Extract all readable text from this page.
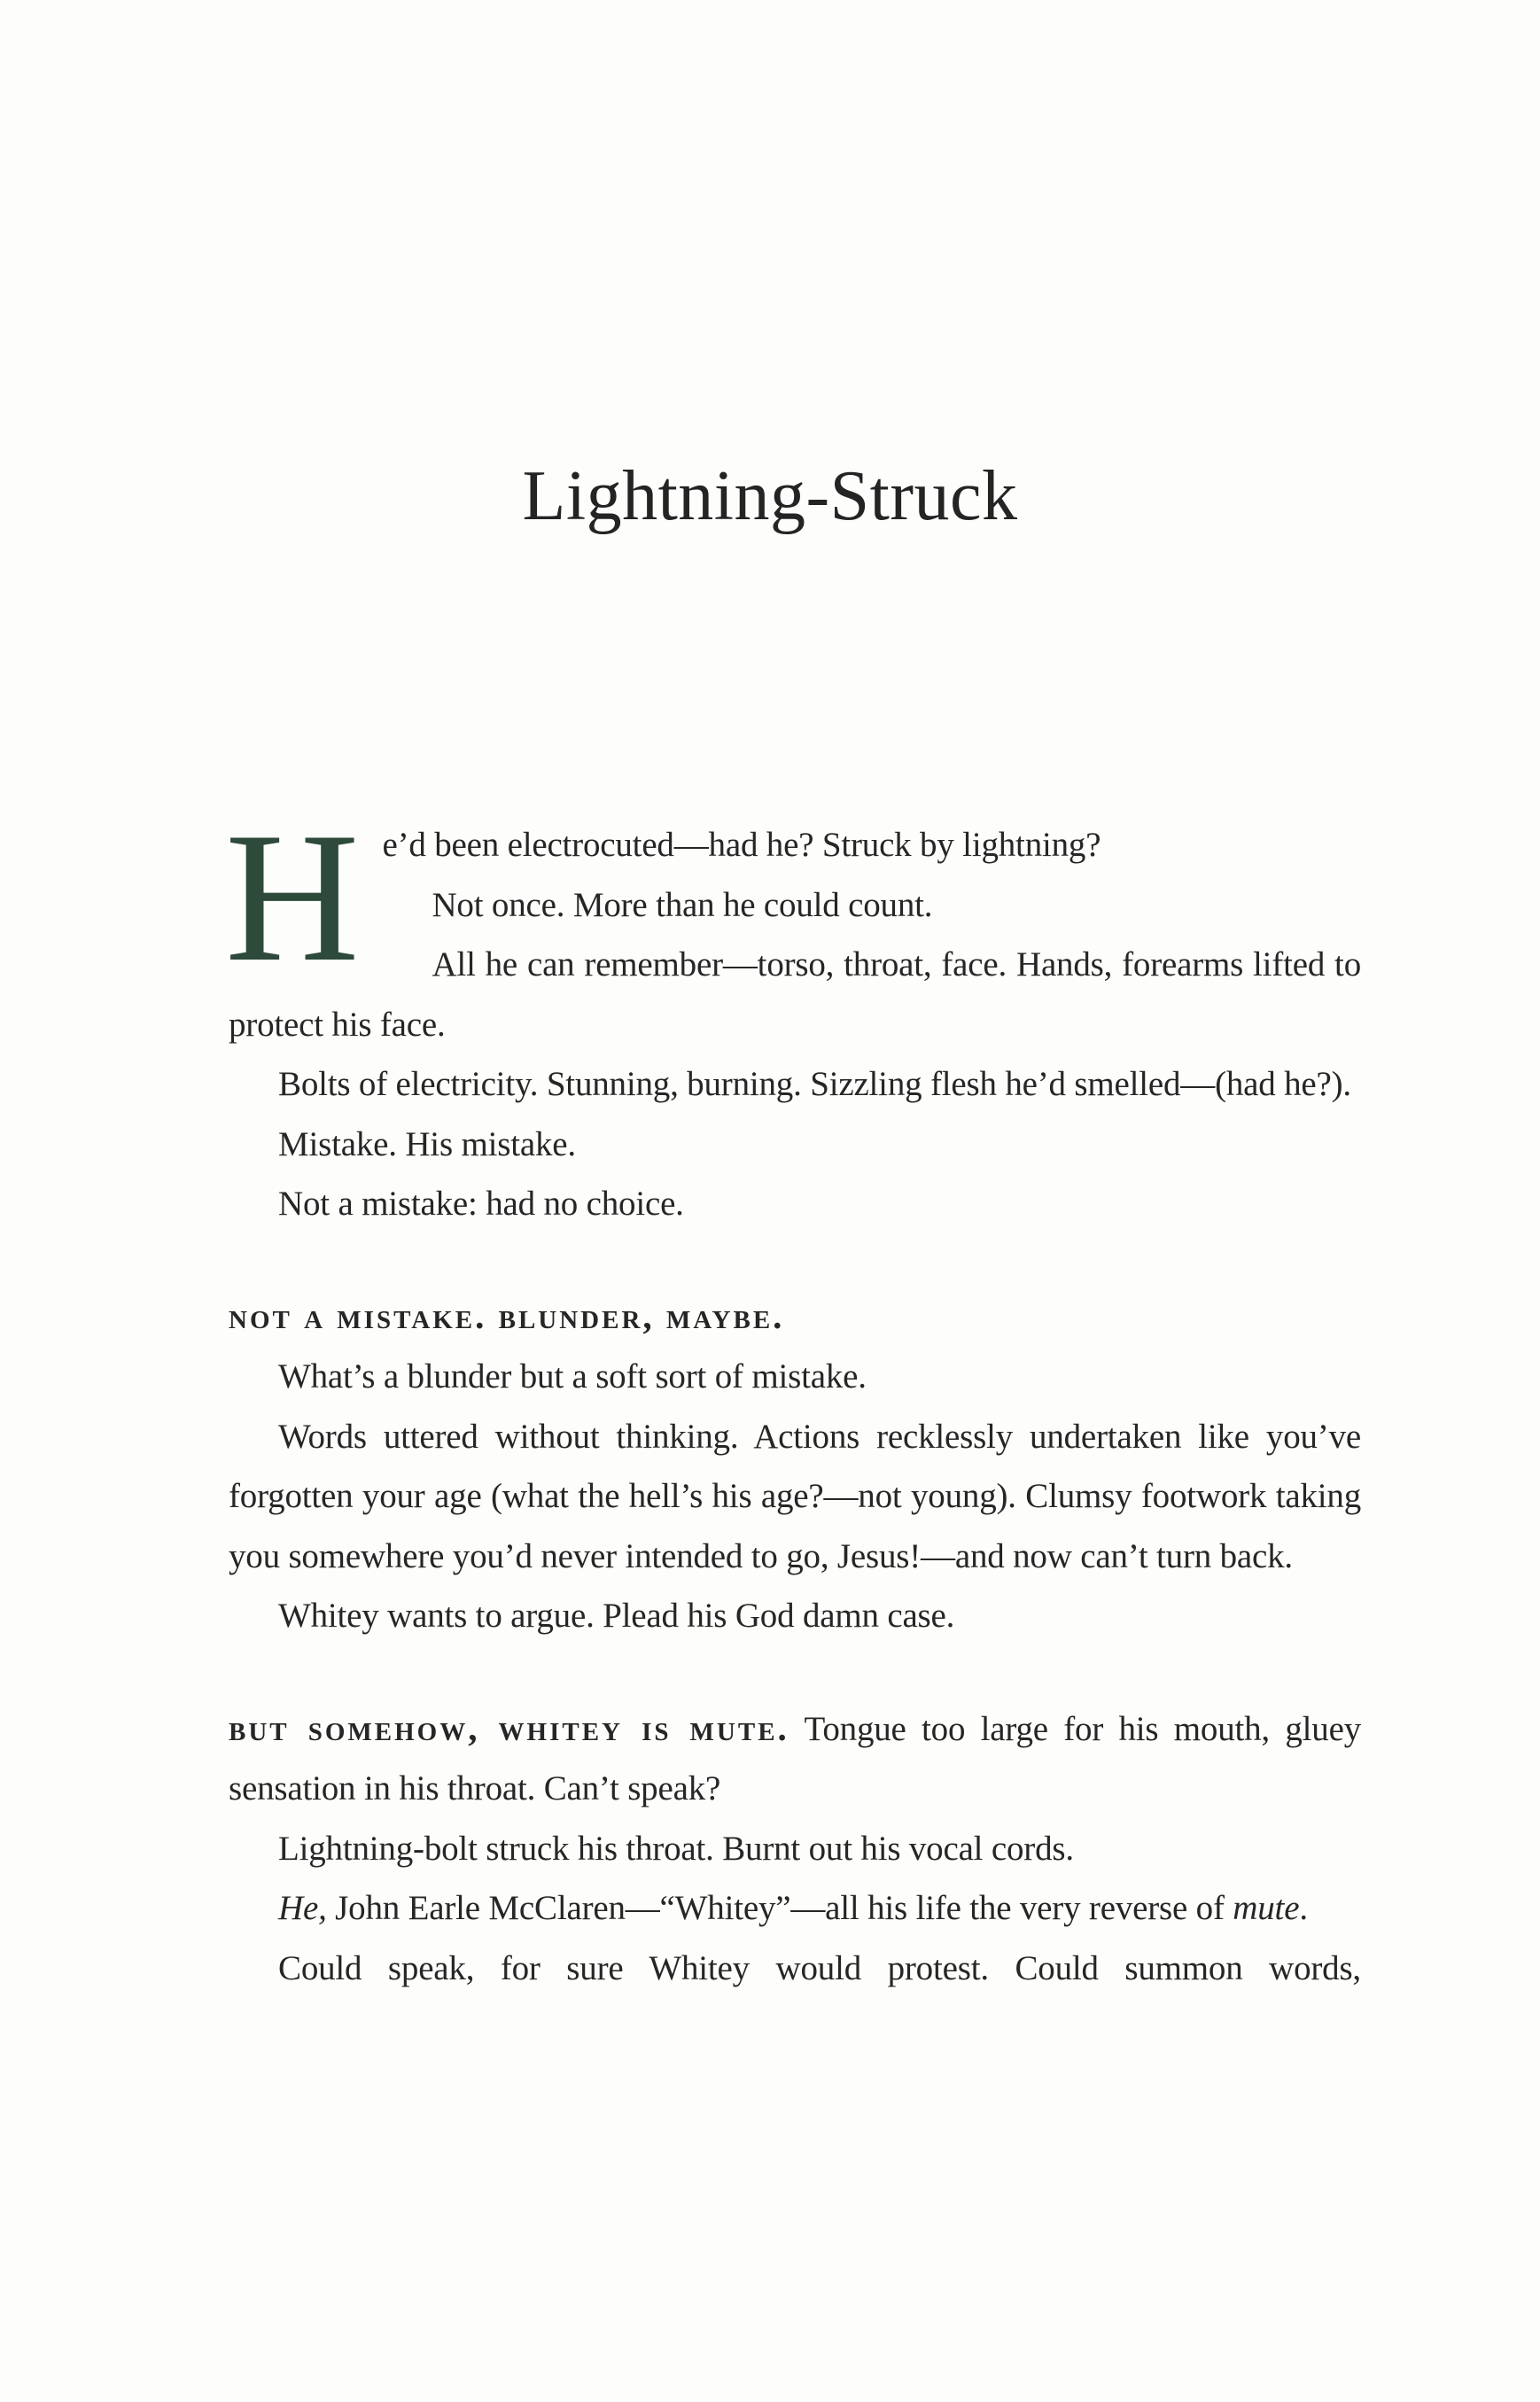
Lightning-Struck

He’d been electrocuted—had he? Struck by lightning?

Not once. More than he could count.

All he can remember—torso, throat, face. Hands, forearms lifted to protect his face.

Bolts of electricity. Stunning, burning. Sizzling flesh he’d smelled—(had he?).

Mistake. His mistake.

Not a mistake: had no choice.

not a mistake. blunder, maybe.

What’s a blunder but a soft sort of mistake.

Words uttered without thinking. Actions recklessly undertaken like you’ve forgotten your age (what the hell’s his age?—not young). Clumsy footwork taking you somewhere you’d never intended to go, Jesus!—and now can’t turn back.

Whitey wants to argue. Plead his God damn case.

but somehow, whitey is mute. Tongue too large for his mouth, gluey sensation in his throat. Can’t speak?

Lightning-bolt struck his throat. Burnt out his vocal cords.

He, John Earle McClaren—“Whitey”—all his life the very reverse of mute.

Could speak, for sure Whitey would protest. Could summon words,
